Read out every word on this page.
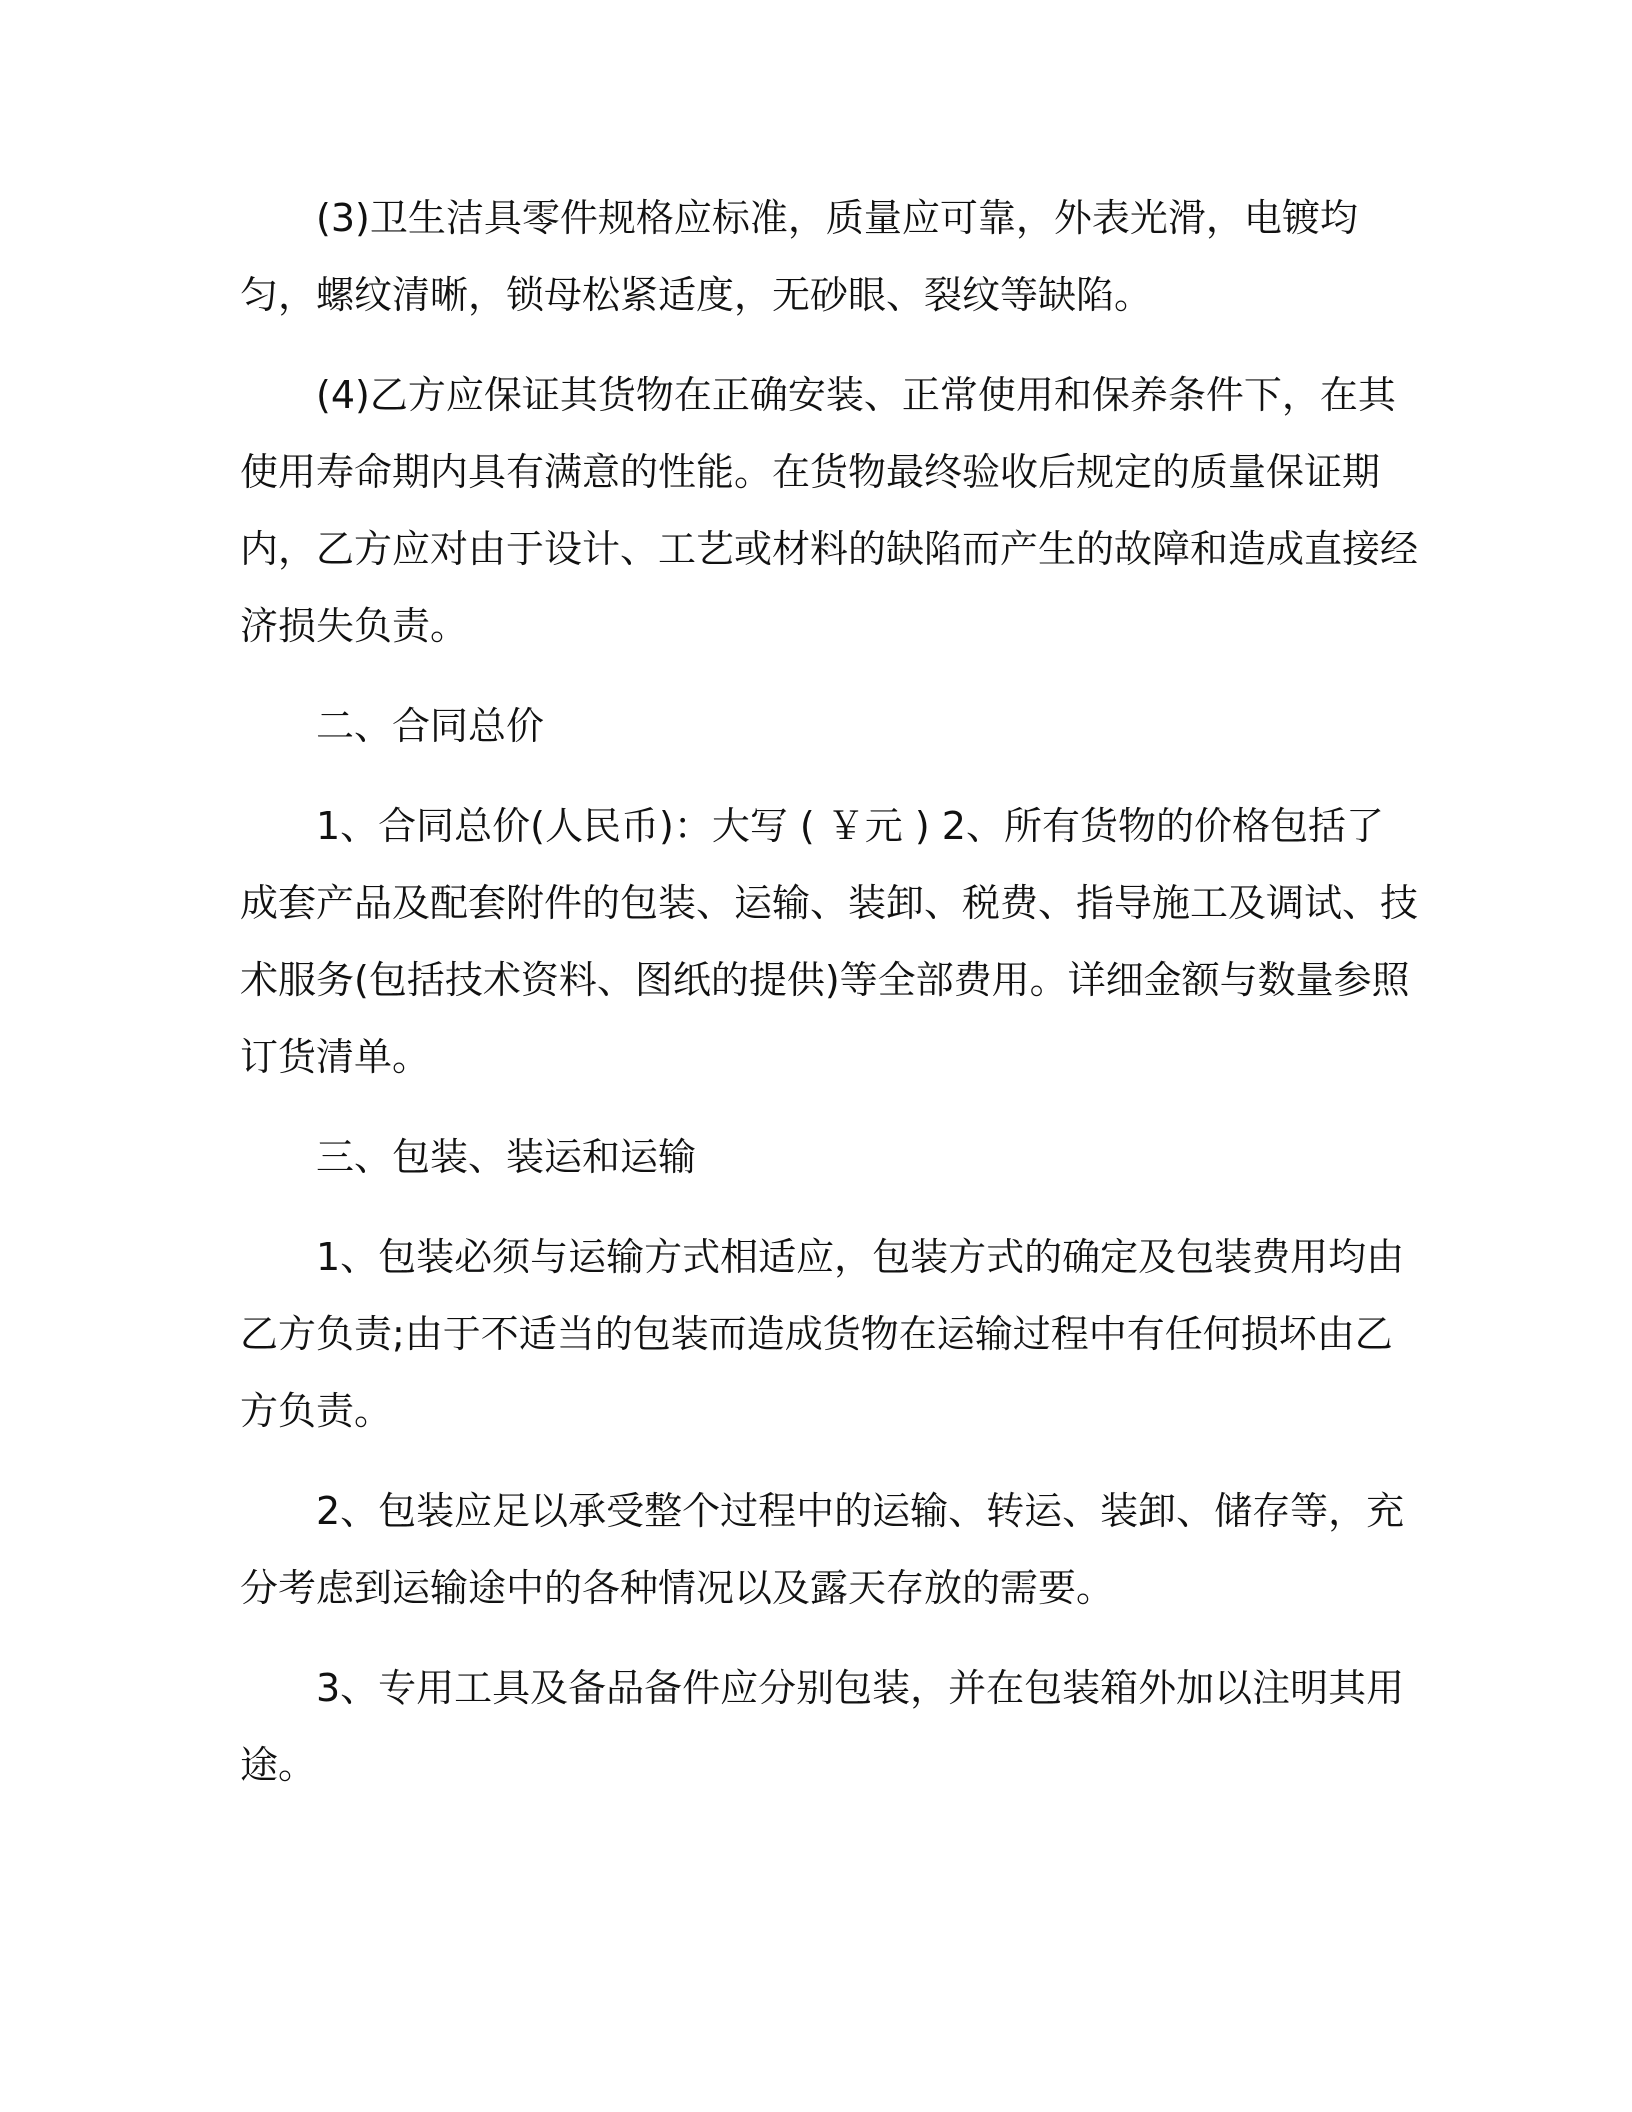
(3)卫生洁具零件规格应标准，质量应可靠，外表光滑，电镀均匀，螺纹清晰，锁母松紧适度，无砂眼、裂纹等缺陷。

(4)乙方应保证其货物在正确安装、正常使用和保养条件下，在其使用寿命期内具有满意的性能。在货物最终验收后规定的质量保证期内，乙方应对由于设计、工艺或材料的缺陷而产生的故障和造成直接经济损失负责。

二、合同总价

1、合同总价(人民币)：大写 ( ￥元 ) 2、所有货物的价格包括了成套产品及配套附件的包装、运输、装卸、税费、指导施工及调试、技术服务(包括技术资料、图纸的提供)等全部费用。详细金额与数量参照订货清单。

三、包装、装运和运输

1、包装必须与运输方式相适应，包装方式的确定及包装费用均由乙方负责;由于不适当的包装而造成货物在运输过程中有任何损坏由乙方负责。

2、包装应足以承受整个过程中的运输、转运、装卸、储存等，充分考虑到运输途中的各种情况以及露天存放的需要。

3、专用工具及备品备件应分别包装，并在包装箱外加以注明其用途。
